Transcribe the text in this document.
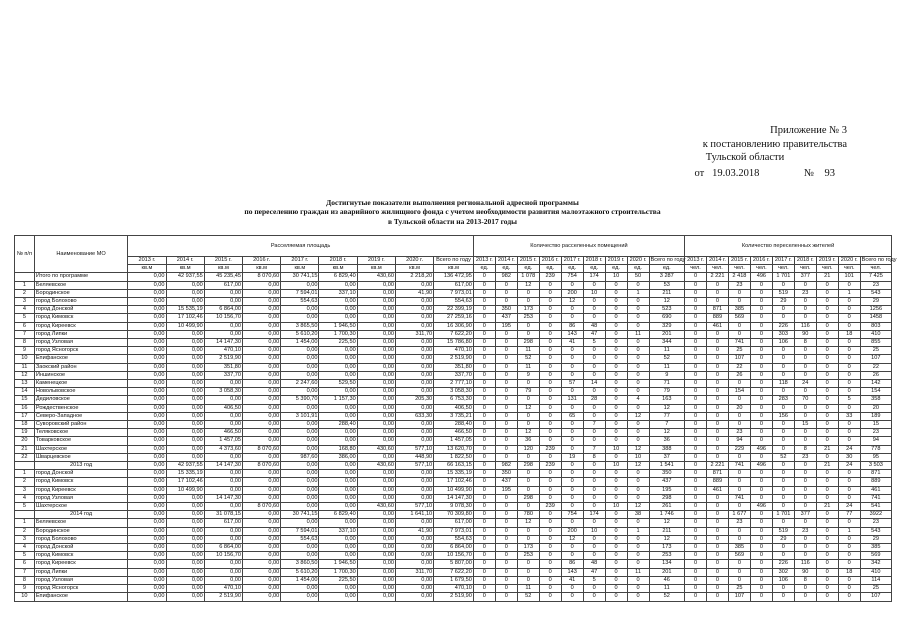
Приложение № 3
к постановлению правительства
Тульской области
от 19.03.2018	№ 93
Достигнутые показатели выполнения региональной адресной программы
по переселению граждан из аварийного жилищного фонда с учетом необходимости развития малоэтажного строительства
в Тульской области на 2013-2017 годы
№ п/п	Наименование МО	Расселяемая площадь									Количество расселенных помещений									Количество переселенных жителей								
		2013 г.	2014 г.	2015 г.	2016 г.	2017 г.	2018 г.	2019 г.	2020 г.	Всего по году	2013 г.	2014 г.	2015 г.	2016 г.	2017 г.	2018 г.	2019 г.	2020 г.	Всего по году	2013 г.	2014 г.	2015 г.	2016 г.	2017 г.	2018 г.	2019 г.	2020 г.	Всего по году
		кв.м	кв.м	кв.м	кв.м	кв.м	кв.м	кв.м	кв.м	кв.м	ед.	ед.	ед.	ед.	ед.	ед.	ед.	ед.	ед.	чел.	чел.	чел.	чел.	чел.	чел.	чел.	чел.	чел.
	Итого по программе	0,00	42 937,55	45 235,45	8 070,60	30 741,15	6 829,40	430,60	2 218,20	136 472,95	0	982	1 078	239	754	174	10	50	3 287	0	2 221	2 418	496	1 701	377	21	101	7 425
1	Беляевское	0,00	0,00	617,00	0,00	0,00	0,00	0,00	0,00	617,00	0	0	12	0	0	0	0	0	53	0	0	23	0	0	0	0	0	23
2	Бородинское	0,00	0,00	0,00	0,00	7 594,01	337,10	0,00	41,90	7 973,01	0	0	0	0	200	10	0	1	211	0	0	0	0	519	23	0	1	543
3	город Болохово	0,00	0,00	0,00	0,00	554,63	0,00	0,00	0,00	554,63	0	0	0	0	12	0	0	0	12	0	0	0	0	29	0	0	0	29
4	город Донской	0,00	15 535,19	6 864,00	0,00	0,00	0,00	0,00	0,00	22 399,19	0	350	173	0	0	0	0	0	523	0	871	385	0	0	0	0	0	1256
5	город Кимовск	0,00	17 102,46	10 156,70	0,00	0,00	0,00	0,00	0,00	27 259,16	0	437	253	0	0	0	0	0	690	0	889	569	0	0	0	0	0	1458
6	город Киреевск	0,00	10 499,90	0,00	0,00	3 865,50	1 946,50	0,00	0,00	16 306,90	0	195	0	0	86	48	0	0	329	0	461	0	0	226	116	0	0	803
7	город Липки	0,00	0,00	0,00	0,00	5 610,20	1 700,30	0,00	311,70	7 622,20	0	0	0	0	143	47	0	11	201	0	0	0	0	303	90	0	18	410
8	город Узловая	0,00	0,00	14 147,30	0,00	1 454,00	225,50	0,00	0,00	15 786,80	0	0	298	0	41	5	0	0	344	0	0	741	0	106	8	0	0	855
9	город Ясногорск	0,00	0,00	470,10	0,00	0,00	0,00	0,00	0,00	470,10	0	0	11	0	0	0	0	0	11	0	0	25	0	0	0	0	0	25
10	Епифанское	0,00	0,00	2 519,90	0,00	0,00	0,00	0,00	0,00	2 519,90	0	0	52	0	0	0	0	0	52	0	0	107	0	0	0	0	0	107
11	Заокский район	0,00	0,00	351,80	0,00	0,00	0,00	0,00	0,00	351,80	0	0	11	0	0	0	0	0	11	0	0	22	0	0	0	0	0	22
12	Иншинское	0,00	0,00	337,70	0,00	0,00	0,00	0,00	0,00	337,70	0	0	9	0	0	0	0	0	9	0	0	26	0	0	0	0	0	26
13	Каменецкое	0,00	0,00	0,00	0,00	2 247,60	529,50	0,00	0,00	2 777,10	0	0	0	0	57	14	0	0	71	0	0	0	0	118	24	0	0	142
14	Новольвовское	0,00	0,00	3 058,30	0,00	0,00	0,00	0,00	0,00	3 058,30	0	0	79	0	0	0	0	0	79	0	0	154	0	0	0	0	0	154
15	Дедиловское	0,00	0,00	0,00	0,00	5 390,70	1 157,30	0,00	205,30	6 753,30	0	0	0	0	131	28	0	4	163	0	0	0	0	283	70	0	5	358
16	Рождественское	0,00	0,00	406,50	0,00	0,00	0,00	0,00	0,00	406,50	0	0	12	0	0	0	0	0	12	0	0	20	0	0	0	0	0	20
17	Северо-Западное	0,00	0,00	0,00	0,00	3 101,91	0,00	0,00	633,30	3 735,21	0	0	0	0	65	0	0	12	77	0	0	0	0	156	0	0	33	189
18	Суворовский район	0,00	0,00	0,00	0,00	0,00	288,40	0,00	0,00	288,40	0	0	0	0	0	7	0	0	7	0	0	0	0	0	15	0	0	15
19	Теляковское	0,00	0,00	466,50	0,00	0,00	0,00	0,00	0,00	466,50	0	0	12	0	0	0	0	0	12	0	0	23	0	0	0	0	0	23
20	Товарковское	0,00	0,00	1 457,05	0,00	0,00	0,00	0,00	0,00	1 457,05	0	0	36	0	0	0	0	0	36	0	0	94	0	0	0	0	0	94
21	Шахтерское	0,00	0,00	4 373,60	8 070,60	0,00	168,80	430,60	577,10	13 620,70	0	0	120	239	0	7	10	12	388	0	0	229	496	0	8	21	24	778
22	Шварцевское	0,00	0,00	0,00	0,00	987,60	386,00	0,00	448,90	1 822,50	0	0	0	0	19	8	0	10	37	0	0	0	0	52	23	0	30	95
	2013 год	0,00	42 937,55	14 147,30	8 070,60	0,00	0,00	430,60	577,10	66 163,15	0	982	298	239	0	0	10	12	1 541	0	2 221	741	496	0	0	21	24	3 503
1	город Донской	0,00	15 335,19	0,00	0,00	0,00	0,00	0,00	0,00	15 335,19	0	350	0	0	0	0	0	0	350	0	871	0	0	0	0	0	0	871
2	город Кимовск	0,00	17 102,46	0,00	0,00	0,00	0,00	0,00	0,00	17 102,46	0	437	0	0	0	0	0	0	437	0	889	0	0	0	0	0	0	889
3	город Киреевск	0,00	10 499,90	0,00	0,00	0,00	0,00	0,00	0,00	10 499,90	0	195	0	0	0	0	0	0	195	0	461	0	0	0	0	0	0	461
4	город Узловая	0,00	0,00	14 147,30	0,00	0,00	0,00	0,00	0,00	14 147,30	0	0	298	0	0	0	0	0	298	0	0	741	0	0	0	0	0	741
5	Шахтерское	0,00	0,00	0,00	8 070,60	0,00	0,00	430,60	577,10	9 078,30	0	0	0	239	0	0	10	12	261	0	0	0	496	0	0	21	24	541
	2014 год	0,00	0,00	31 078,15	0,00	30 741,15	6 829,40	0,00	1 641,10	70 309,80	0	0	780	0	754	174	0	38	1 746	0	0	1 677	0	1 701	377	0	77	3922
1	Беляевское	0,00	0,00	617,00	0,00	0,00	0,00	0,00	0,00	617,00	0	0	12	0	0	0	0	0	12	0	0	23	0	0	0	0	0	23
2	Бородинское	0,00	0,00	0,00	0,00	7 594,01	337,10	0,00	41,90	7 973,01	0	0	0	0	200	10	0	1	211	0	0	0	0	519	23	0	1	543
3	город Болохово	0,00	0,00	0,00	0,00	554,63	0,00	0,00	0,00	554,63	0	0	0	0	12	0	0	0	12	0	0	0	0	29	0	0	0	29
4	город Донской	0,00	0,00	6 864,00	0,00	0,00	0,00	0,00	0,00	6 864,00	0	0	173	0	0	0	0	0	173	0	0	385	0	0	0	0	0	385
5	город Кимовск	0,00	0,00	10 156,70	0,00	0,00	0,00	0,00	0,00	10 156,70	0	0	253	0	0	0	0	0	253	0	0	569	0	0	0	0	0	569
6	город Киреевск	0,00	0,00	0,00	0,00	3 860,50	1 946,50	0,00	0,00	5 807,00	0	0	0	0	86	48	0	0	134	0	0	0	0	226	116	0	0	342
7	город Липки	0,00	0,00	0,00	0,00	5 610,20	1 700,30	0,00	311,70	7 622,20	0	0	0	0	143	47	0	11	201	0	0	0	0	302	90	0	18	410
8	город Узловая	0,00	0,00	0,00	0,00	1 454,00	225,50	0,00	0,00	1 679,50	0	0	0	0	41	5	0	0	46	0	0	0	0	106	8	0	0	114
9	город Ясногорск	0,00	0,00	470,10	0,00	0,00	0,00	0,00	0,00	470,10	0	0	11	0	0	0	0	0	11	0	0	25	0	0	0	0	0	25
10	Епифанское	0,00	0,00	2 519,90	0,00	0,00	0,00	0,00	0,00	2 519,90	0	0	52	0	0	0	0	0	52	0	0	107	0	0	0	0	0	107
